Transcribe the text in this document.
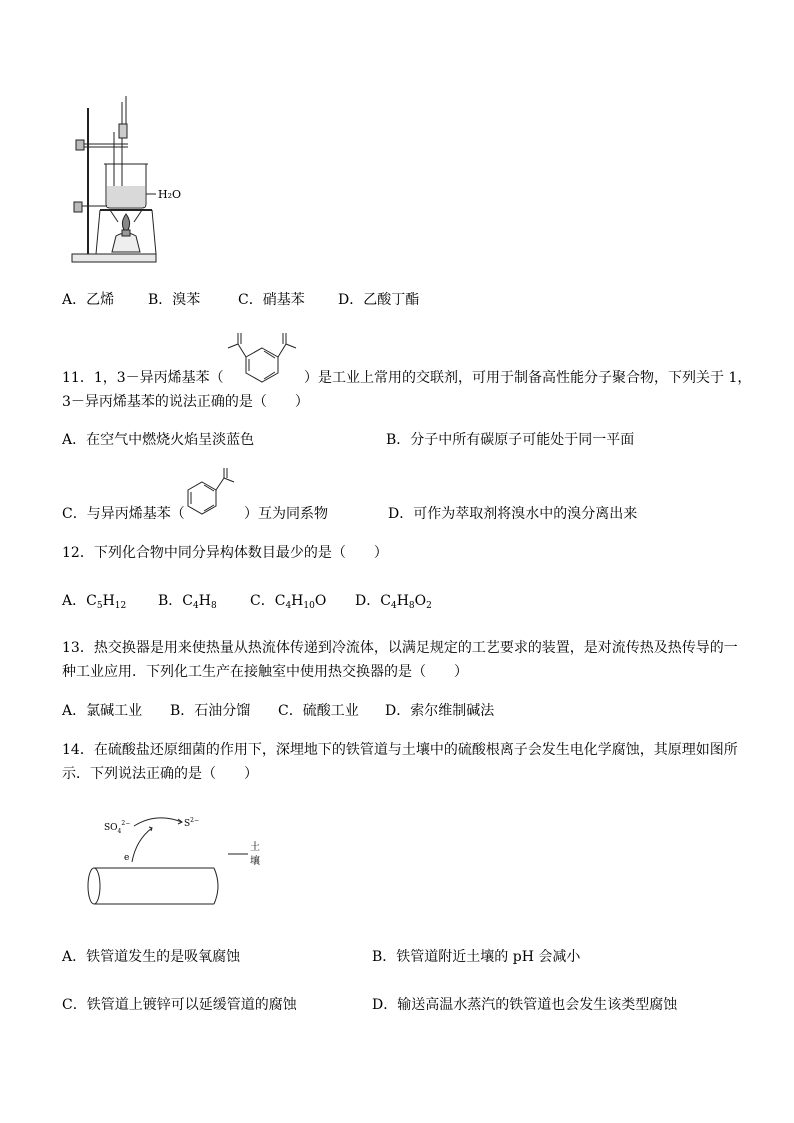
H₂O
A．乙烯 B．溴苯	C．硝基苯 D．乙酸丁酯
11．1，3－异丙烯基苯（	）是工业上常用的交联剂，可用于制备高性能分子聚合物，下列关于 1，
3－异丙烯基苯的说法正确的是（　　）
A．在空气中燃烧火焰呈淡蓝色	B．分子中所有碳原子可能处于同一平面
C．与异丙烯基苯（	）互为同系物	D．可作为萃取剂将溴水中的溴分离出来
12．下列化合物中同分异构体数目最少的是（　　）
A．$C_5H_{12}$ B．$C_4H_8$ C．$C_4H_{10}O$ D．$C_4H_8O_2$
13．热交换器是用来使热量从热流体传递到冷流体，以满足规定的工艺要求的装置，是对流传热及热传导的一
种工业应用．下列化工生产在接触室中使用热交换器的是（　　）
A．氯碱工业 B．石油分馏 C．硫酸工业 D．索尔维制碱法
14．在硫酸盐还原细菌的作用下，深埋地下的铁管道与土壤中的硫酸根离子会发生电化学腐蚀，其原理如图所
示．下列说法正确的是（　　）
$SO_4^{2-}$	$S^{2-}$
e
土
壤
A．铁管道发生的是吸氧腐蚀	B．铁管道附近土壤的 pH 会减小
C．铁管道上镀锌可以延缓管道的腐蚀	D．输送高温水蒸汽的铁管道也会发生该类型腐蚀
